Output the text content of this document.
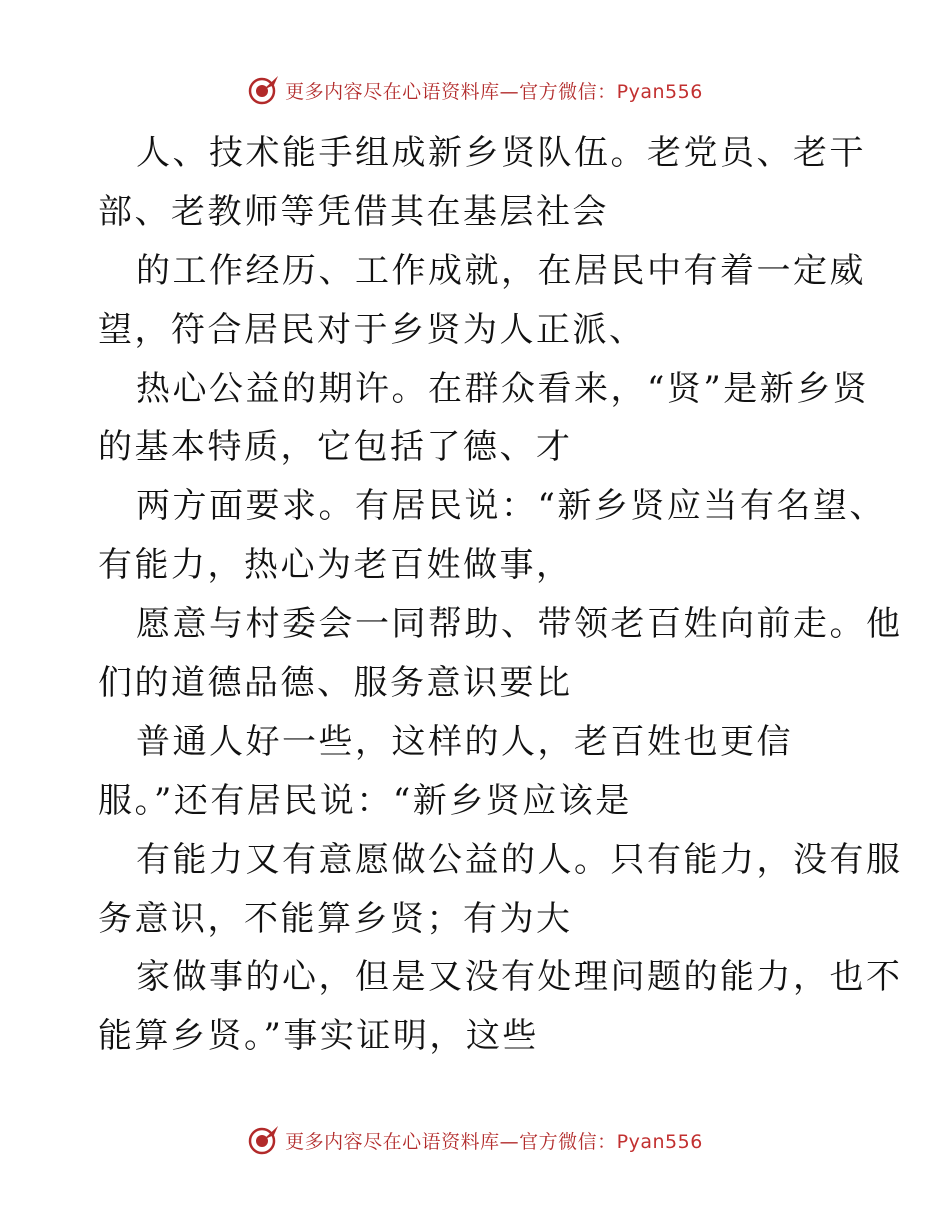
更多内容尽在心语资料库—官方微信：Pyan556
人、技术能手组成新乡贤队伍。老党员、老干
部、老教师等凭借其在基层社会
的工作经历、工作成就，在居民中有着一定威
望，符合居民对于乡贤为人正派、
热心公益的期许。在群众看来，“贤”是新乡贤
的基本特质，它包括了德、才
两方面要求。有居民说：“新乡贤应当有名望、
有能力，热心为老百姓做事，
愿意与村委会一同帮助、带领老百姓向前走。他
们的道德品德、服务意识要比
普通人好一些，这样的人，老百姓也更信
服。”还有居民说：“新乡贤应该是
有能力又有意愿做公益的人。只有能力，没有服
务意识，不能算乡贤；有为大
家做事的心，但是又没有处理问题的能力，也不
能算乡贤。”事实证明，这些
更多内容尽在心语资料库—官方微信：Pyan556
